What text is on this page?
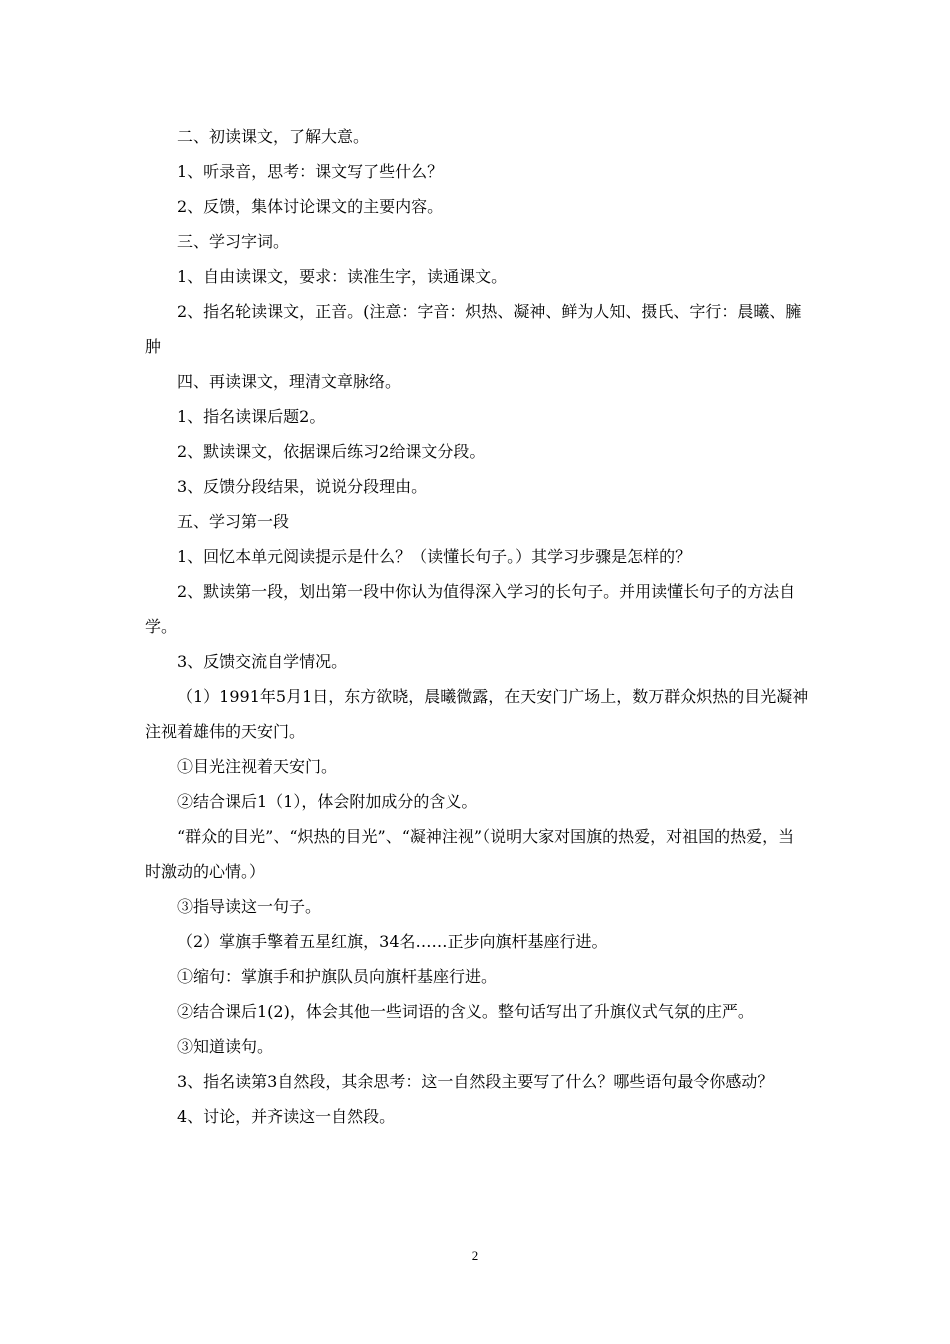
二、初读课文，了解大意。

1、听录音，思考：课文写了些什么？

2、反馈，集体讨论课文的主要内容。

三、学习字词。

1、自由读课文，要求：读准生字，读通课文。

2、指名轮读课文，正音。(注意：字音：炽热、凝神、鲜为人知、摄氏、字行：晨曦、臃肿

四、再读课文，理清文章脉络。

1、指名读课后题2。

2、默读课文，依据课后练习2给课文分段。

3、反馈分段结果，说说分段理由。

五、学习第一段

1、回忆本单元阅读提示是什么？（读懂长句子。）其学习步骤是怎样的？

2、默读第一段，划出第一段中你认为值得深入学习的长句子。并用读懂长句子的方法自学。

3、反馈交流自学情况。

（1）1991年5月1日，东方欲晓，晨曦微露，在天安门广场上，数万群众炽热的目光凝神注视着雄伟的天安门。

①目光注视着天安门。

②结合课后1（1），体会附加成分的含义。

“群众的目光”、“炽热的目光”、“凝神注视”（说明大家对国旗的热爱，对祖国的热爱，当时激动的心情。）

③指导读这一句子。

（2）掌旗手擎着五星红旗，34名……正步向旗杆基座行进。

①缩句：掌旗手和护旗队员向旗杆基座行进。

②结合课后1(2)，体会其他一些词语的含义。整句话写出了升旗仪式气氛的庄严。

③知道读句。

3、指名读第3自然段，其余思考：这一自然段主要写了什么？哪些语句最令你感动？

4、讨论，并齐读这一自然段。

2
